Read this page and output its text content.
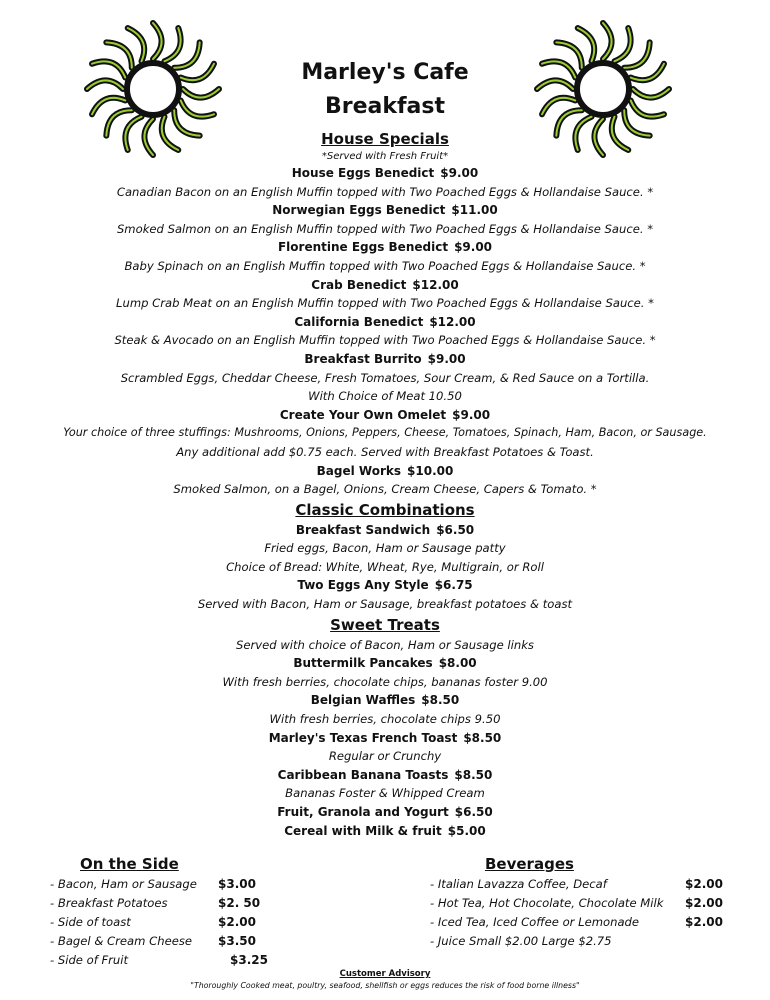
Marley's Cafe
Breakfast
House Specials
*Served with Fresh Fruit*
House Eggs Benedict $9.00
Canadian Bacon on an English Muffin topped with Two Poached Eggs & Hollandaise Sauce. *
Norwegian Eggs Benedict $11.00
Smoked Salmon on an English Muffin topped with Two Poached Eggs & Hollandaise Sauce. *
Florentine Eggs Benedict $9.00
Baby Spinach on an English Muffin topped with Two Poached Eggs & Hollandaise Sauce. *
Crab Benedict $12.00
Lump Crab Meat on an English Muffin topped with Two Poached Eggs & Hollandaise Sauce. *
California Benedict $12.00
Steak & Avocado on an English Muffin topped with Two Poached Eggs & Hollandaise Sauce. *
Breakfast Burrito $9.00
Scrambled Eggs, Cheddar Cheese, Fresh Tomatoes, Sour Cream, & Red Sauce on a Tortilla.
With Choice of Meat 10.50
Create Your Own Omelet $9.00
Your choice of three stuffings: Mushrooms, Onions, Peppers, Cheese, Tomatoes, Spinach, Ham, Bacon, or Sausage.
Any additional add $0.75 each. Served with Breakfast Potatoes & Toast.
Bagel Works $10.00
Smoked Salmon, on a Bagel, Onions, Cream Cheese, Capers & Tomato. *
Classic Combinations
Breakfast Sandwich $6.50
Fried eggs, Bacon, Ham or Sausage patty
Choice of Bread: White, Wheat, Rye, Multigrain, or Roll
Two Eggs Any Style $6.75
Served with Bacon, Ham or Sausage, breakfast potatoes & toast
Sweet Treats
Served with choice of Bacon, Ham or Sausage links
Buttermilk Pancakes $8.00
With fresh berries, chocolate chips, bananas foster 9.00
Belgian Waffles $8.50
With fresh berries, chocolate chips 9.50
Marley's Texas French Toast $8.50
Regular or Crunchy
Caribbean Banana Toasts $8.50
Bananas Foster & Whipped Cream
Fruit, Granola and Yogurt $6.50
Cereal with Milk & fruit $5.00
On the Side
- Bacon, Ham or Sausage	$3.00
- Breakfast Potatoes	$2. 50
- Side of toast	$2.00
- Bagel & Cream Cheese	$3.50
- Side of Fruit	$3.25
Beverages
- Italian Lavazza Coffee, Decaf	$2.00
- Hot Tea, Hot Chocolate, Chocolate Milk	$2.00
- Iced Tea, Iced Coffee or Lemonade	$2.00
- Juice Small $2.00 Large $2.75
Customer Advisory
"Thoroughly Cooked meat, poultry, seafood, shellfish or eggs reduces the risk of food borne illness"
